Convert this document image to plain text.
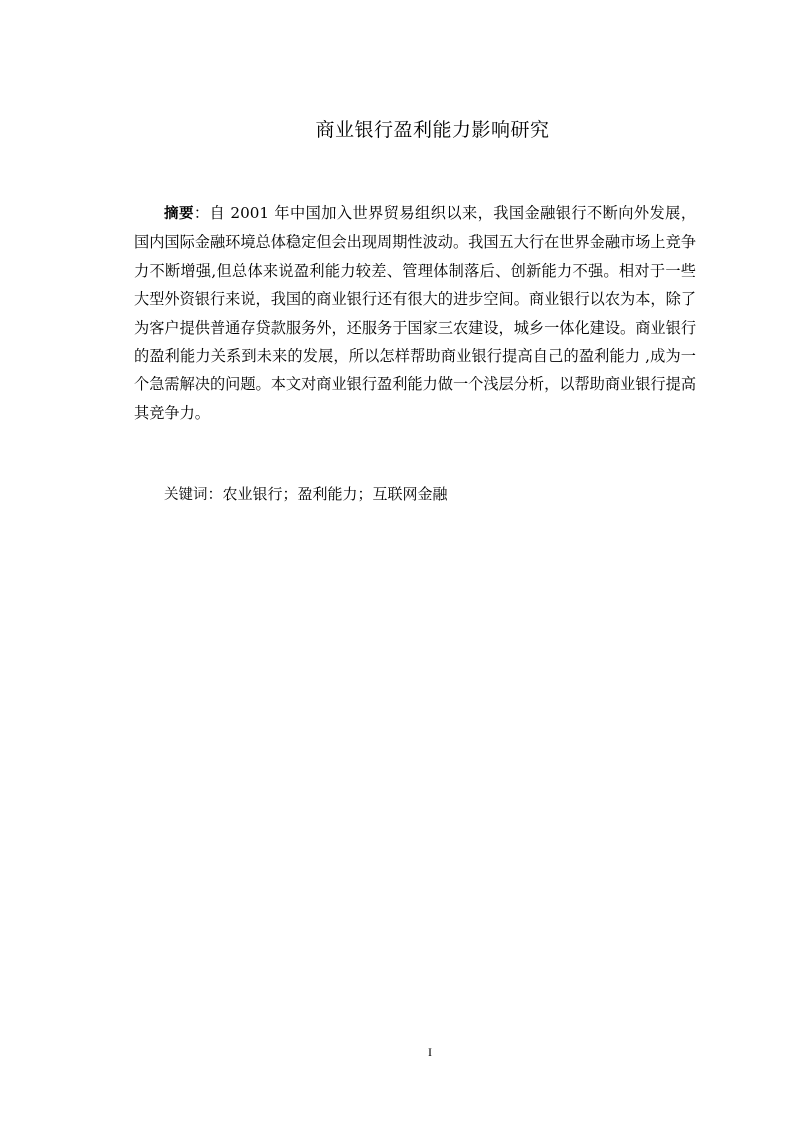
商业银行盈利能力影响研究

摘要：自 2001 年中国加入世界贸易组织以来，我国金融银行不断向外发展，国内国际金融环境总体稳定但会出现周期性波动。我国五大行在世界金融市场上竞争力不断增强,但总体来说盈利能力较差、管理体制落后、创新能力不强。相对于一些大型外资银行来说，我国的商业银行还有很大的进步空间。商业银行以农为本，除了为客户提供普通存贷款服务外，还服务于国家三农建设，城乡一体化建设。商业银行的盈利能力关系到未来的发展，所以怎样帮助商业银行提高自己的盈利能力 ,成为一个急需解决的问题。本文对商业银行盈利能力做一个浅层分析，以帮助商业银行提高其竞争力。

关键词：农业银行；盈利能力；互联网金融

I
